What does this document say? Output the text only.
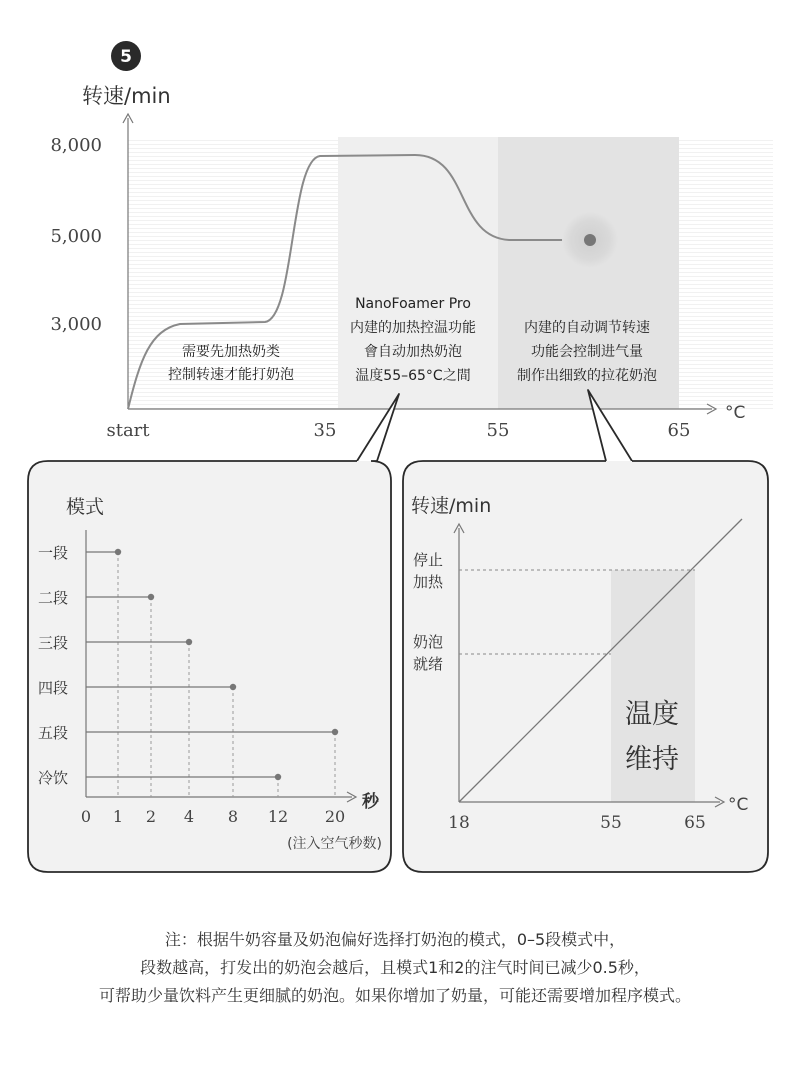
5
转速/min
8,000
5,000
3,000
start	35	55	65
°C
需要先加热奶类
控制转速才能打奶泡
NanoFoamer Pro
内建的加热控温功能
會自动加热奶泡
温度55–65°C之間
内建的自动调节转速
功能会控制进气量
制作出细致的拉花奶泡
模式
一段
二段
三段
四段
五段
冷饮
0 1 2 4 8 12 20
秒
(注入空气秒数)
转速/min
停止
加热
奶泡
就绪
温度
维持
18	55	65
°C
注：根据牛奶容量及奶泡偏好选择打奶泡的模式，0–5段模式中，
段数越高，打发出的奶泡会越后，且模式1和2的注气时间已减少0.5秒，
可帮助少量饮料产生更细腻的奶泡。如果你增加了奶量，可能还需要增加程序模式。
